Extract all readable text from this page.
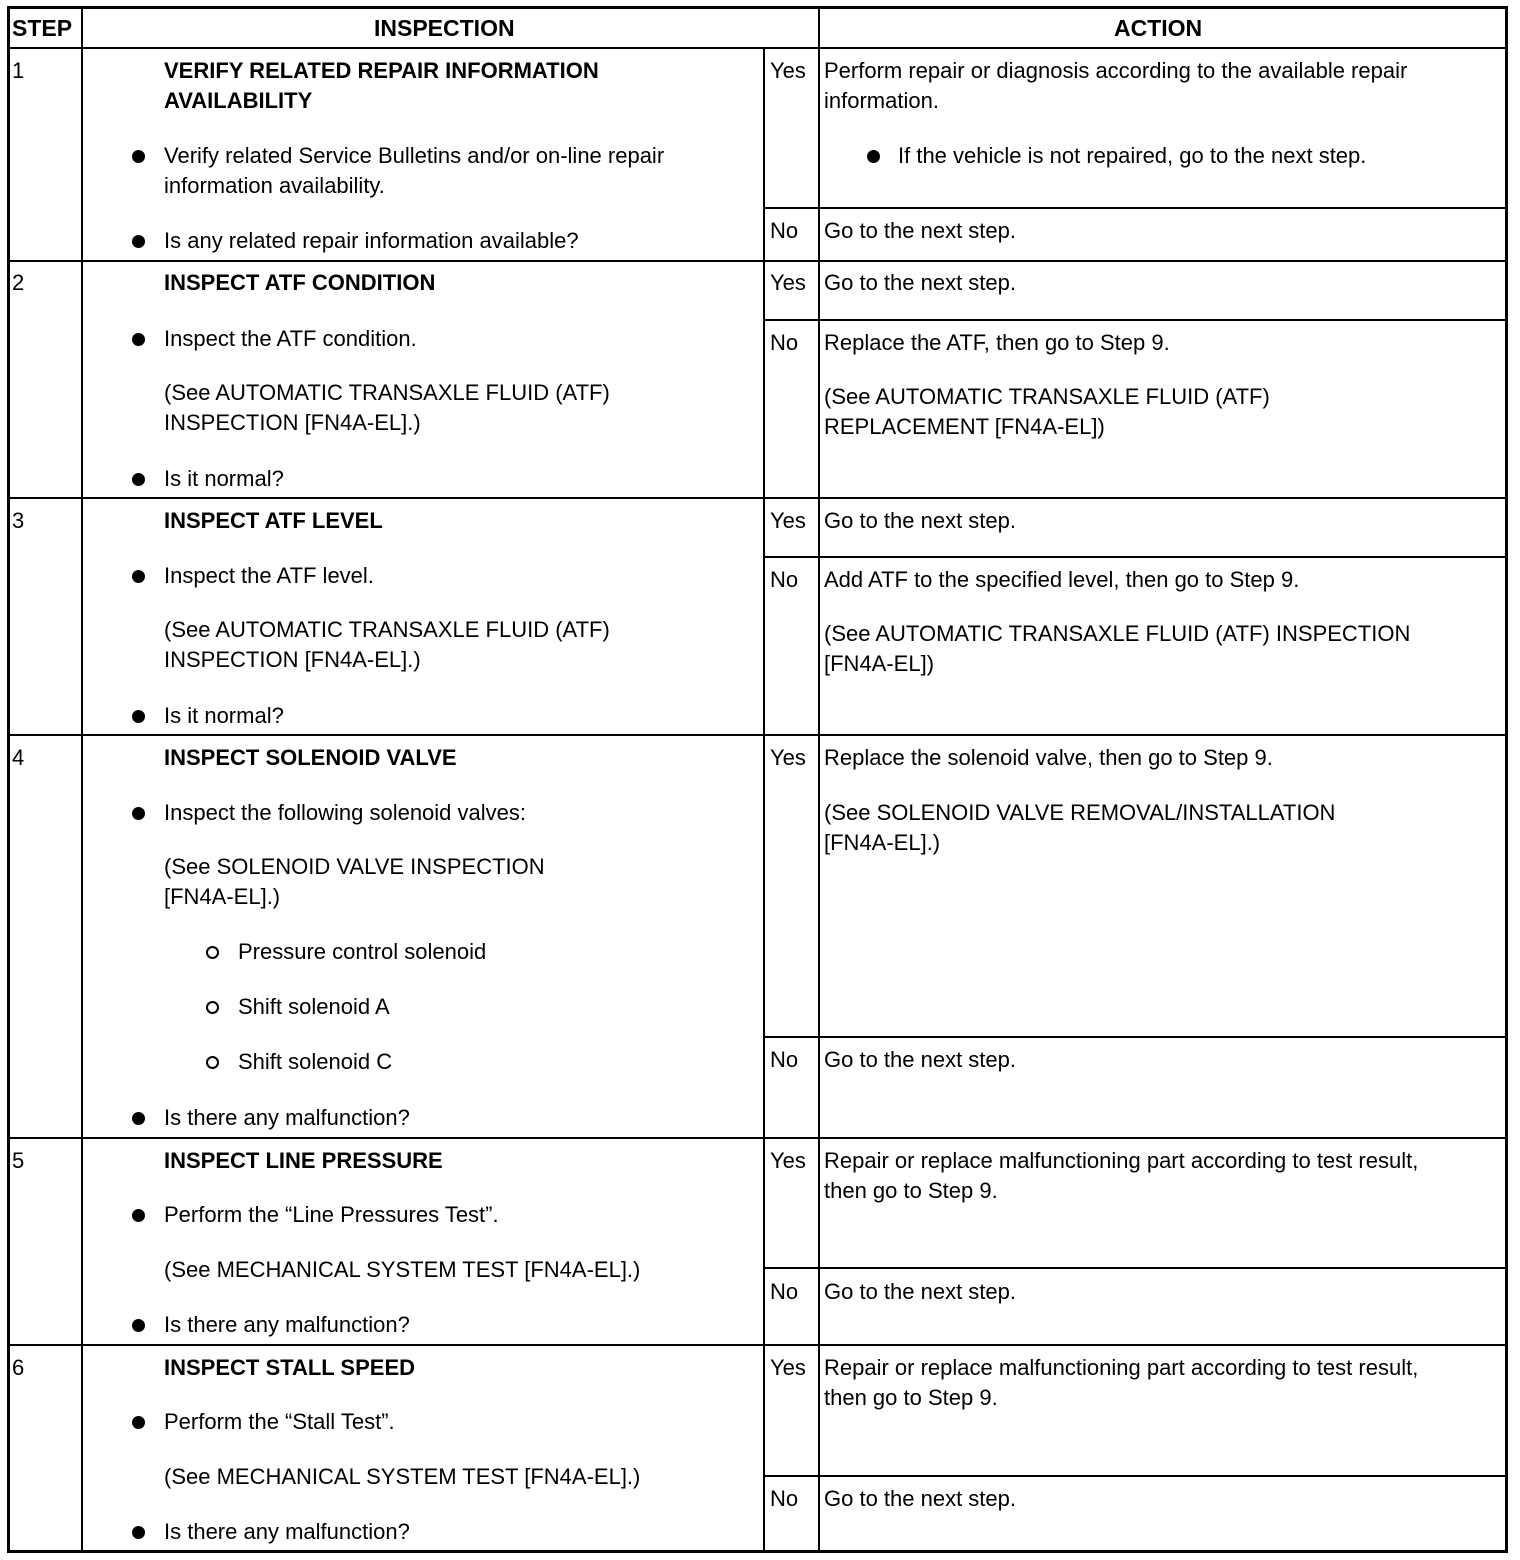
STEP	INSPECTION	ACTION
1	VERIFY RELATED REPAIR INFORMATION
AVAILABILITY
Verify related Service Bulletins and/or on-line repair
information availability.
Is any related repair information available?
Yes Perform repair or diagnosis according to the available repair
information.
If the vehicle is not repaired, go to the next step.
No Go to the next step.
2	INSPECT ATF CONDITION
Inspect the ATF condition.
(See AUTOMATIC TRANSAXLE FLUID (ATF)
INSPECTION [FN4A-EL].)
Is it normal?
Yes Go to the next step.
No Replace the ATF, then go to Step 9.
(See AUTOMATIC TRANSAXLE FLUID (ATF)
REPLACEMENT [FN4A-EL])
3	INSPECT ATF LEVEL
Inspect the ATF level.
(See AUTOMATIC TRANSAXLE FLUID (ATF)
INSPECTION [FN4A-EL].)
Is it normal?
Yes Go to the next step.
No Add ATF to the specified level, then go to Step 9.
(See AUTOMATIC TRANSAXLE FLUID (ATF) INSPECTION
[FN4A-EL])
4	INSPECT SOLENOID VALVE
Inspect the following solenoid valves:
(See SOLENOID VALVE INSPECTION
[FN4A-EL].)
Pressure control solenoid
Shift solenoid A
Shift solenoid C
Is there any malfunction?
Yes Replace the solenoid valve, then go to Step 9.
(See SOLENOID VALVE REMOVAL/INSTALLATION
[FN4A-EL].)
No Go to the next step.
5	INSPECT LINE PRESSURE
Perform the “Line Pressures Test”.
(See MECHANICAL SYSTEM TEST [FN4A-EL].)
Is there any malfunction?
Yes Repair or replace malfunctioning part according to test result,
then go to Step 9.
No Go to the next step.
6	INSPECT STALL SPEED
Perform the “Stall Test”.
(See MECHANICAL SYSTEM TEST [FN4A-EL].)
Is there any malfunction?
Yes Repair or replace malfunctioning part according to test result,
then go to Step 9.
No Go to the next step.
